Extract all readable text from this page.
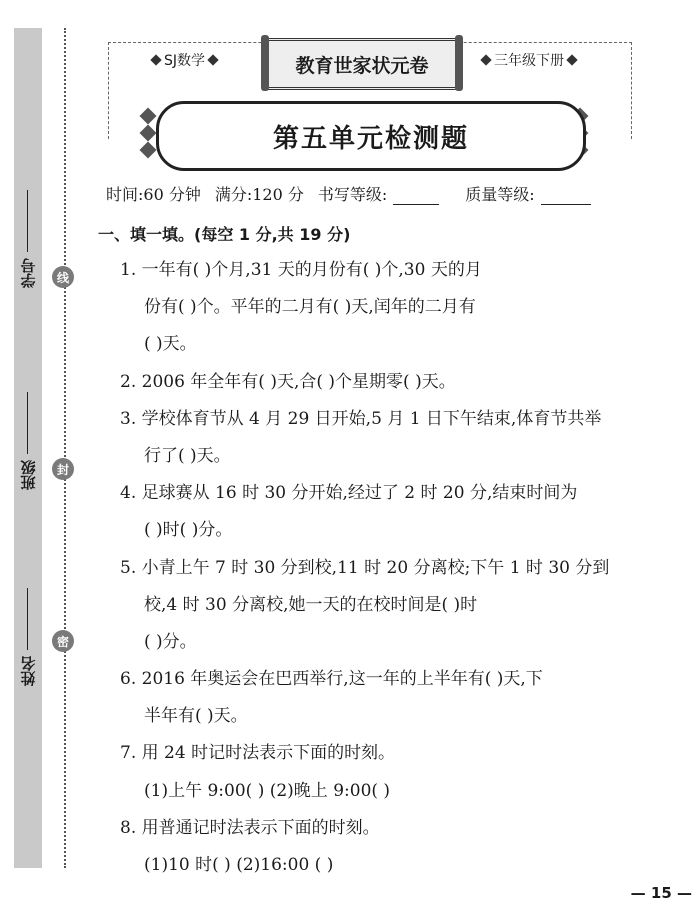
线
封
密
学号
班级
姓名
SJ数学	教育世家状元卷	三年级下册
第五单元检测题
时间:60 分钟 满分:120 分 书写等级:	质量等级:
一、填一填。(每空 1 分,共 19 分)
1. 一年有( )个月,31 天的月份有( )个,30 天的月
份有( )个。平年的二月有( )天,闰年的二月有
( )天。
2. 2006 年全年有( )天,合( )个星期零( )天。
3. 学校体育节从 4 月 29 日开始,5 月 1 日下午结束,体育节共举
行了( )天。
4. 足球赛从 16 时 30 分开始,经过了 2 时 20 分,结束时间为
( )时( )分。
5. 小青上午 7 时 30 分到校,11 时 20 分离校;下午 1 时 30 分到
校,4 时 30 分离校,她一天的在校时间是( )时
( )分。
6. 2016 年奥运会在巴西举行,这一年的上半年有( )天,下
半年有( )天。
7. 用 24 时记时法表示下面的时刻。
(1)上午 9:00( ) (2)晚上 9:00( )
8. 用普通记时法表示下面的时刻。
(1)10 时( ) (2)16:00 ( )
— 15 —
